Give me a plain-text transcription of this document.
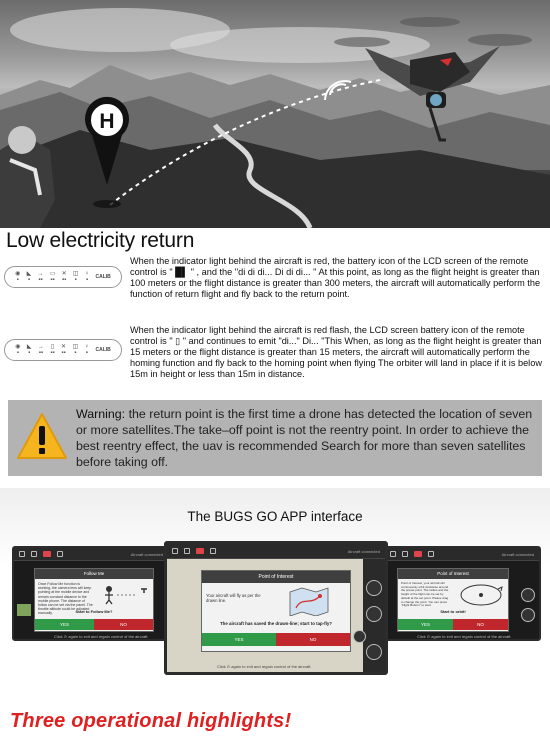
H
Low electricity return
◉
▪
◣
▪
→
▪▪
▭
▪▪
✕
▪▪
◫
▪
♀
▪ CALIB

When the indicator light behind the aircraft is red, the battery icon of the LCD screen of the remote control is " █▌ " , and the "di di di... Di di di... " At this point, as long as the flight height is greater than 100 meters or the flight distance is greater than 300 meters, the aircraft will automatically perform the function of return flight and fly back to the return point.

◉
▪
◣
▪
→
▪▪
▯
▪▪
✕
▪▪
◫
▪
♀
▪ CALIB

When the indicator light behind the aircraft is red flash, the LCD screen battery icon of the remote control is " ▯ " and continues to emit "di..." Di... "This When, as long as the flight height is greater than 15 meters or the flight distance is greater than 15 meters, the aircraft will automatically perform the homing function and fly back to the homing point when flying The orbiter will land in place if it is below 15m in height or less than 15m in distance.

Warning: the return point is the first time a drone has detected the location of seven or more satellites.The take–off point is not the reentry point. In order to achieve the best reentry effect, the uav is recommended Search for more than seven satellites before taking off.

The BUGS GO APP interface
Aircraft connected
Follow Me
Once Follow Me function is working, the camera lens will keep pointing at the mobile device and remain constant distance to the mobile phone. The distance of follow can be set via the panel. The throttle altitude could be adjusted manually.	Start to Follow Me?
YES	NO
Click ⊙ again to exit and regain control of the aircraft.
Aircraft connected
Point of Interest
Point of Interest, your aircraft will continuously orbit clockwise around the preset point. The radius and the height of the flight can be set by default at the set point. Please drag to change the point. You can press “Flight Buttom” to start.
Start to orbit!
YES	NO
Click ⊙ again to exit and regain control of the aircraft.
Aircraft connected
Point of Interest
Your aircraft will fly as per the drawn line.
The aircraft has saved the drawn-line; start to tap-fly?
YES	NO
Click ⊙ again to exit and regain control of the aircraft.
Three operational highlights!
